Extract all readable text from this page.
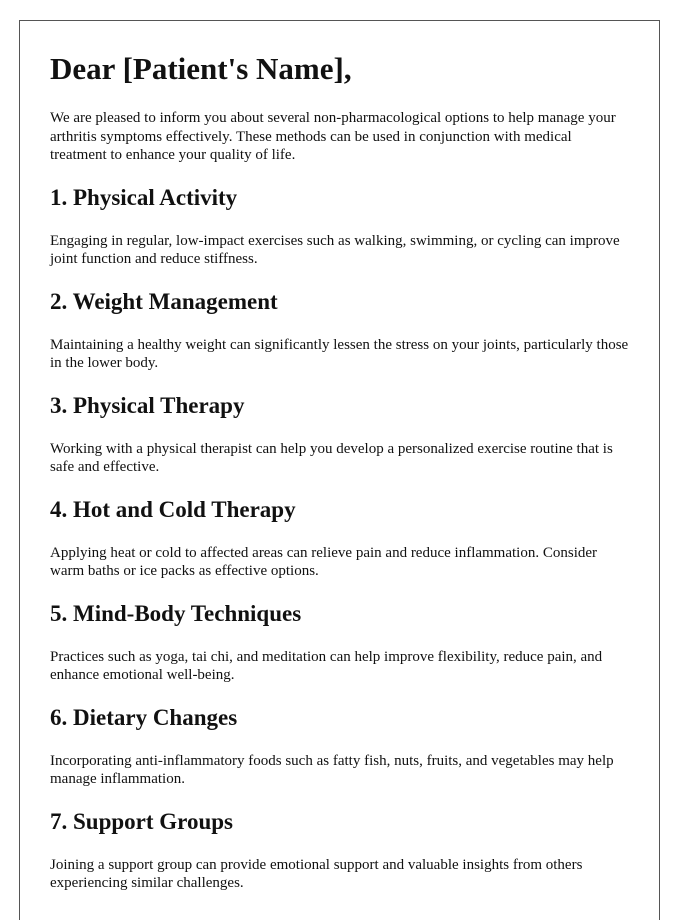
Dear [Patient's Name],

We are pleased to inform you about several non-pharmacological options to help manage your arthritis symptoms effectively. These methods can be used in conjunction with medical treatment to enhance your quality of life.

1. Physical Activity

Engaging in regular, low-impact exercises such as walking, swimming, or cycling can improve joint function and reduce stiffness.

2. Weight Management

Maintaining a healthy weight can significantly lessen the stress on your joints, particularly those in the lower body.

3. Physical Therapy

Working with a physical therapist can help you develop a personalized exercise routine that is safe and effective.

4. Hot and Cold Therapy

Applying heat or cold to affected areas can relieve pain and reduce inflammation. Consider warm baths or ice packs as effective options.

5. Mind-Body Techniques

Practices such as yoga, tai chi, and meditation can help improve flexibility, reduce pain, and enhance emotional well-being.

6. Dietary Changes

Incorporating anti-inflammatory foods such as fatty fish, nuts, fruits, and vegetables may help manage inflammation.

7. Support Groups

Joining a support group can provide emotional support and valuable insights from others experiencing similar challenges.
